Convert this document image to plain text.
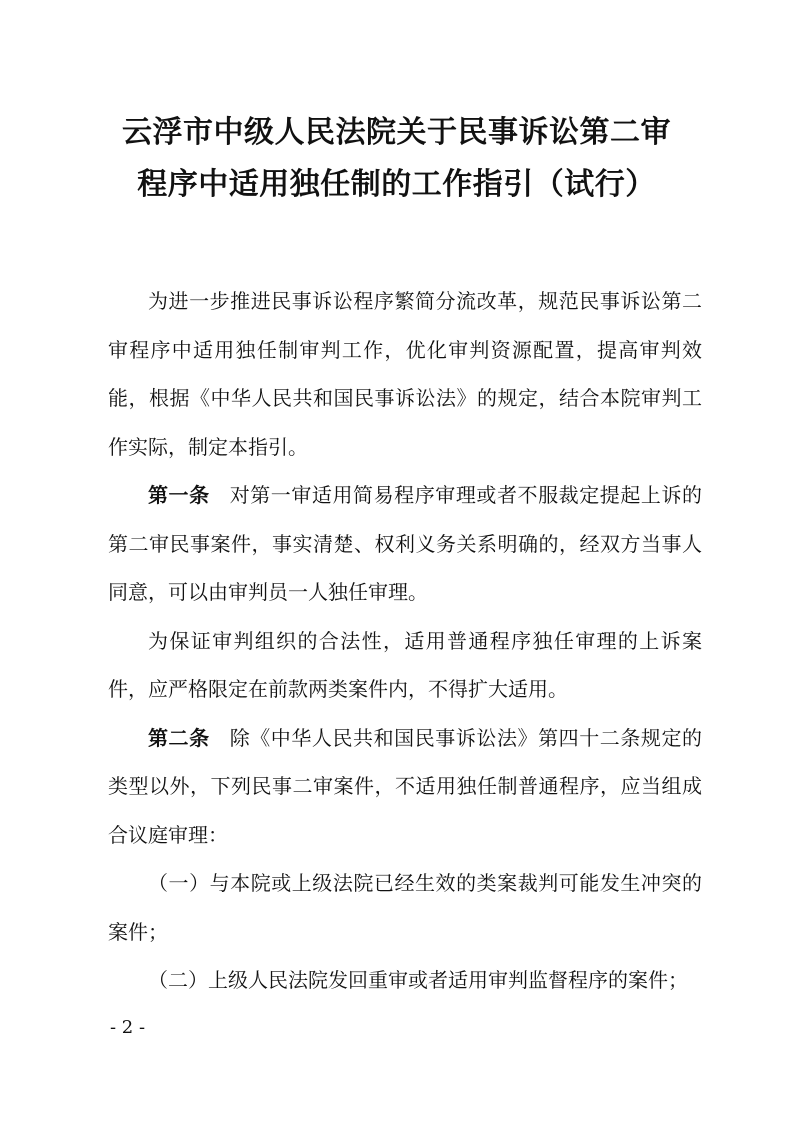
云浮市中级人民法院关于民事诉讼第二审
程序中适用独任制的工作指引（试行）

为进一步推进民事诉讼程序繁简分流改革，规范民事诉讼第二审程序中适用独任制审判工作，优化审判资源配置，提高审判效能，根据《中华人民共和国民事诉讼法》的规定，结合本院审判工作实际，制定本指引。

第一条 对第一审适用简易程序审理或者不服裁定提起上诉的第二审民事案件，事实清楚、权利义务关系明确的，经双方当事人同意，可以由审判员一人独任审理。

为保证审判组织的合法性，适用普通程序独任审理的上诉案件，应严格限定在前款两类案件内，不得扩大适用。

第二条 除《中华人民共和国民事诉讼法》第四十二条规定的类型以外，下列民事二审案件，不适用独任制普通程序，应当组成合议庭审理：

（一）与本院或上级法院已经生效的类案裁判可能发生冲突的案件；

（二）上级人民法院发回重审或者适用审判监督程序的案件；

- 2 -
